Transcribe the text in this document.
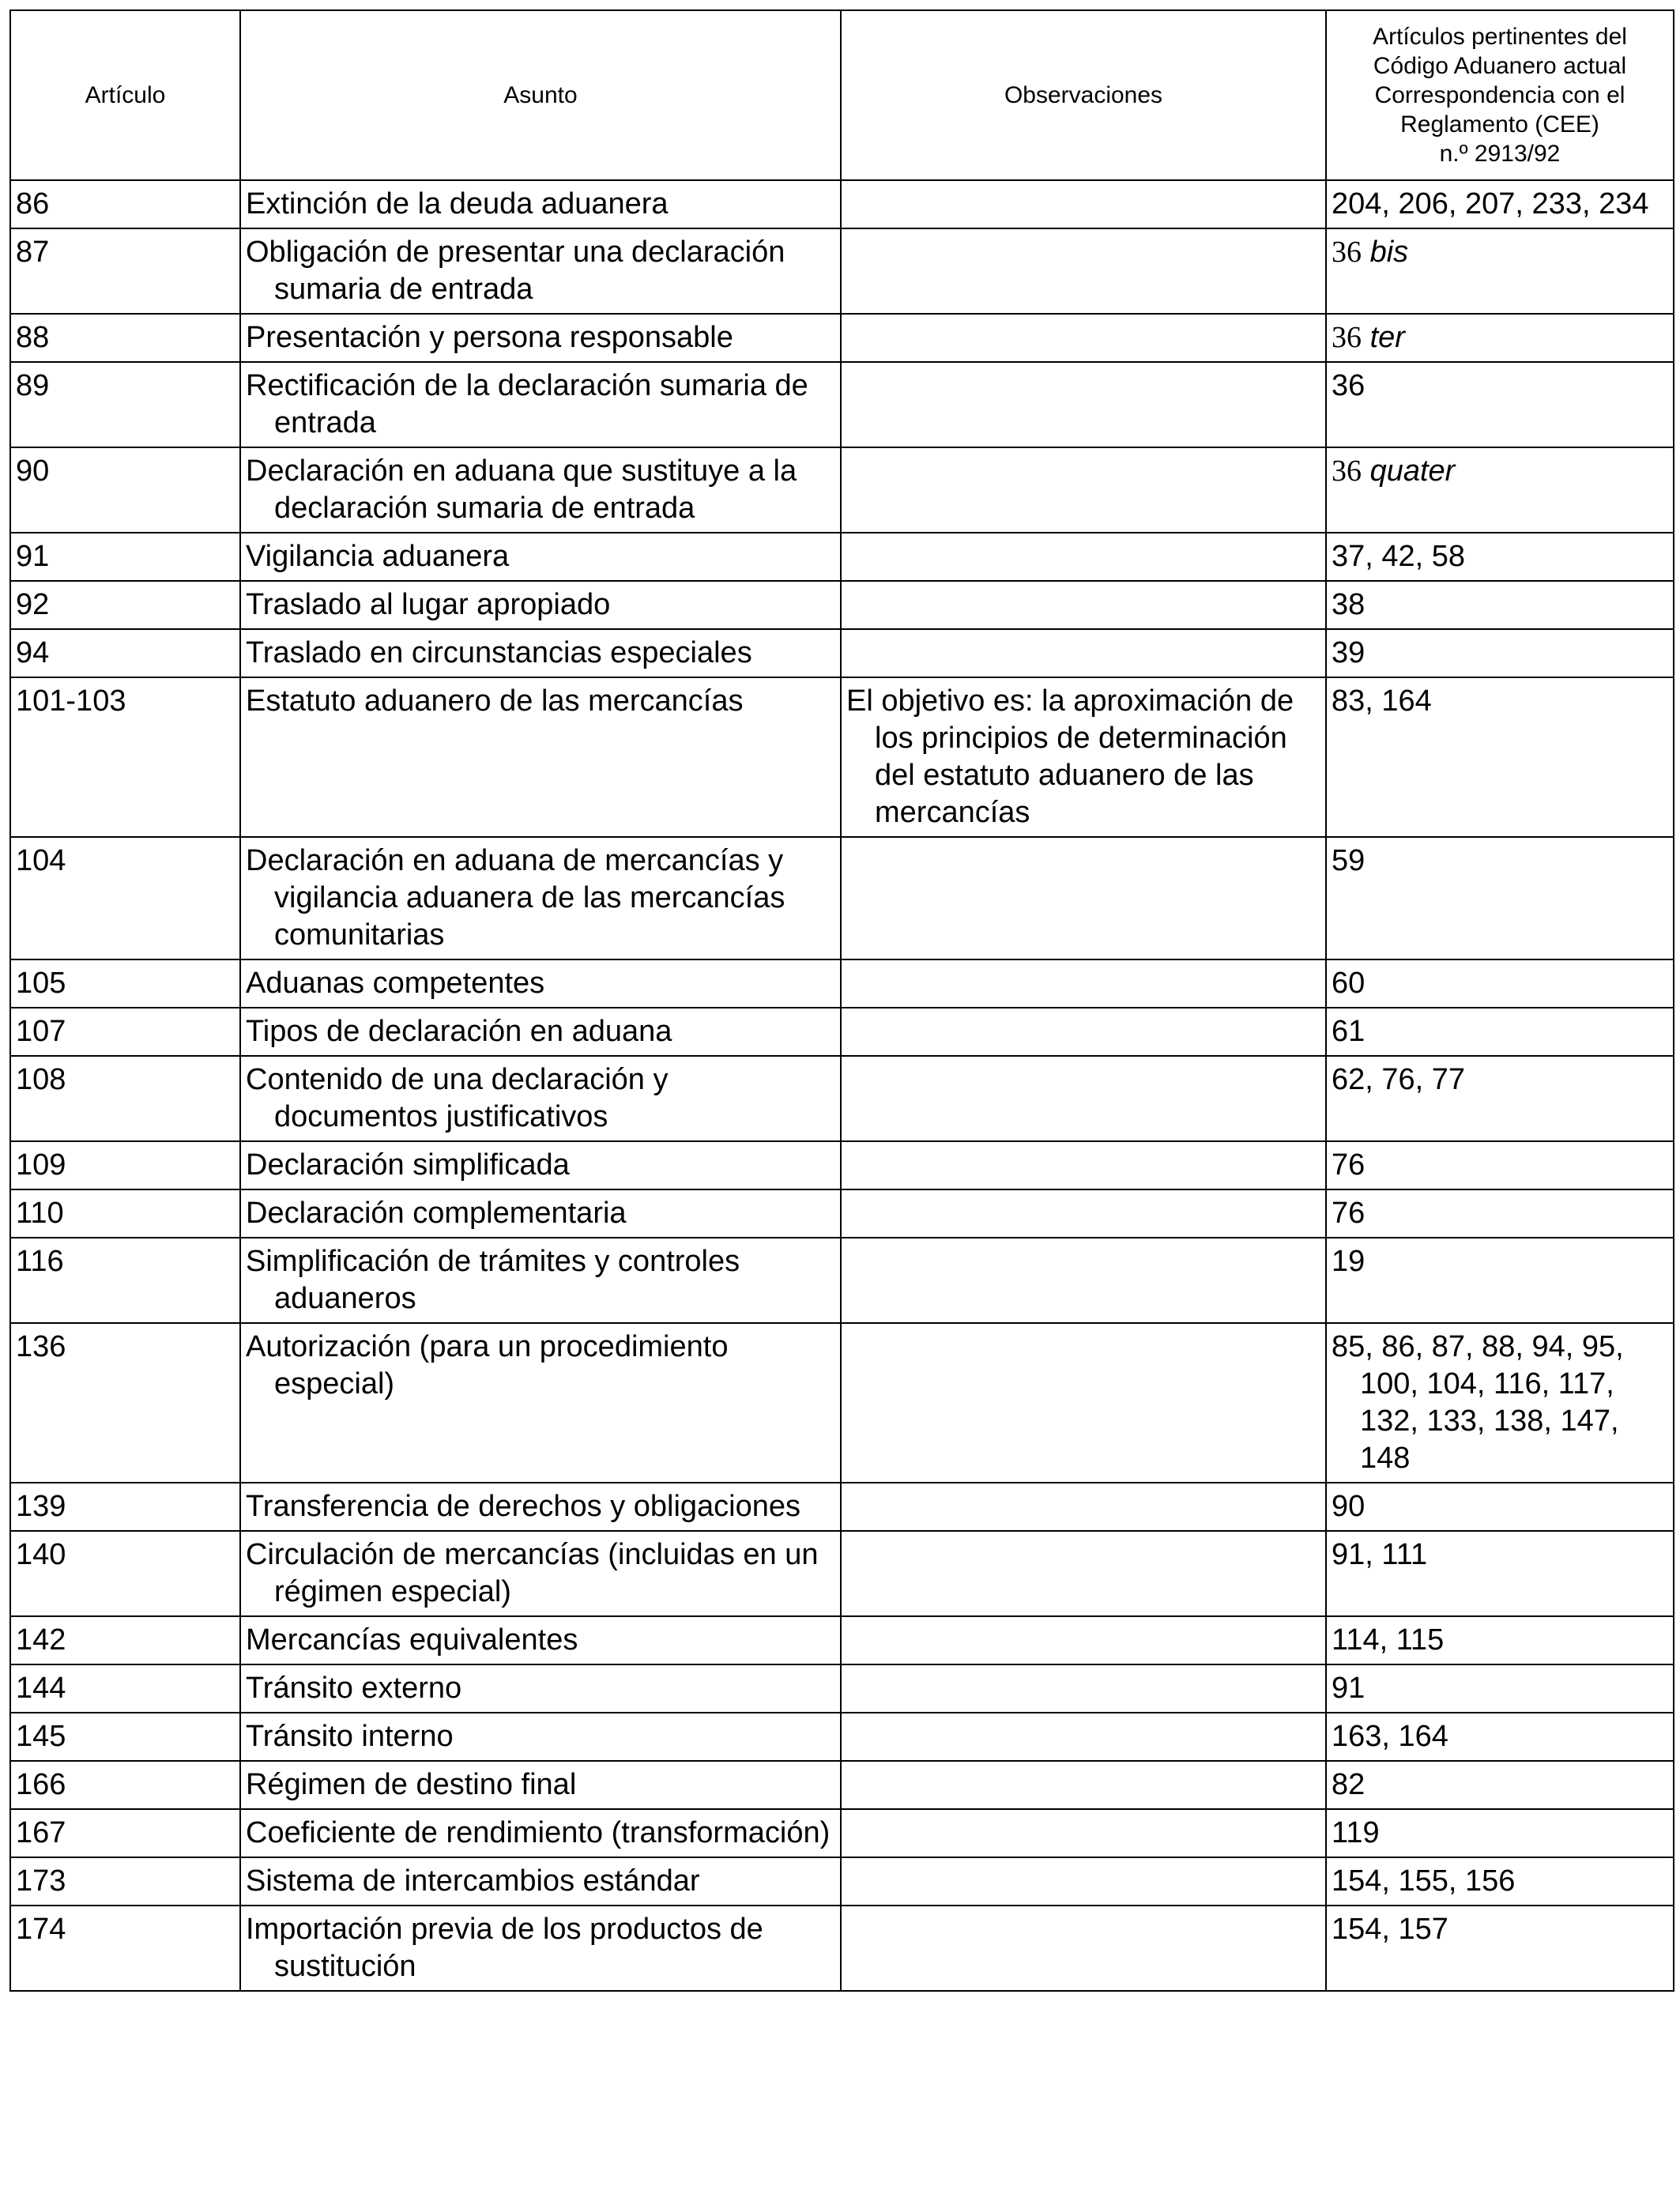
Artículo	Asunto	Observaciones	Artículos pertinentes del
Código Aduanero actual
Correspondencia con el
Reglamento (CEE)
n.º 2913/92

86	Extinción de la deuda aduanera		204, 206, 207, 233, 234

87	Obligación de presentar una declaración sumaria de entrada		36 bis

88	Presentación y persona responsable		36 ter

89	Rectificación de la declaración sumaria de entrada		36

90	Declaración en aduana que sustituye a la declaración sumaria de entrada		36 quater

91	Vigilancia aduanera		37, 42, 58

92	Traslado al lugar apropiado		38

94	Traslado en circunstancias especiales		39

101-103	Estatuto aduanero de las mercancías	El objetivo es: la aproximación de los principios de determinación del estatuto aduanero de las mercancías	83, 164

104	Declaración en aduana de mercancías y vigilancia aduanera de las mercancías comunitarias		59

105	Aduanas competentes		60

107	Tipos de declaración en aduana		61

108	Contenido de una declaración y documentos justificativos		62, 76, 77

109	Declaración simplificada		76

110	Declaración complementaria		76

116	Simplificación de trámites y controles aduaneros		19

136	Autorización (para un procedimiento especial)		85, 86, 87, 88, 94, 95, 100, 104, 116, 117, 132, 133, 138, 147, 148

139	Transferencia de derechos y obligaciones		90

140	Circulación de mercancías (incluidas en un régimen especial)		91, 111

142	Mercancías equivalentes		114, 115

144	Tránsito externo		91

145	Tránsito interno		163, 164

166	Régimen de destino final		82

167	Coeficiente de rendimiento (transformación)		119

173	Sistema de intercambios estándar		154, 155, 156

174	Importación previa de los productos de sustitución		154, 157
